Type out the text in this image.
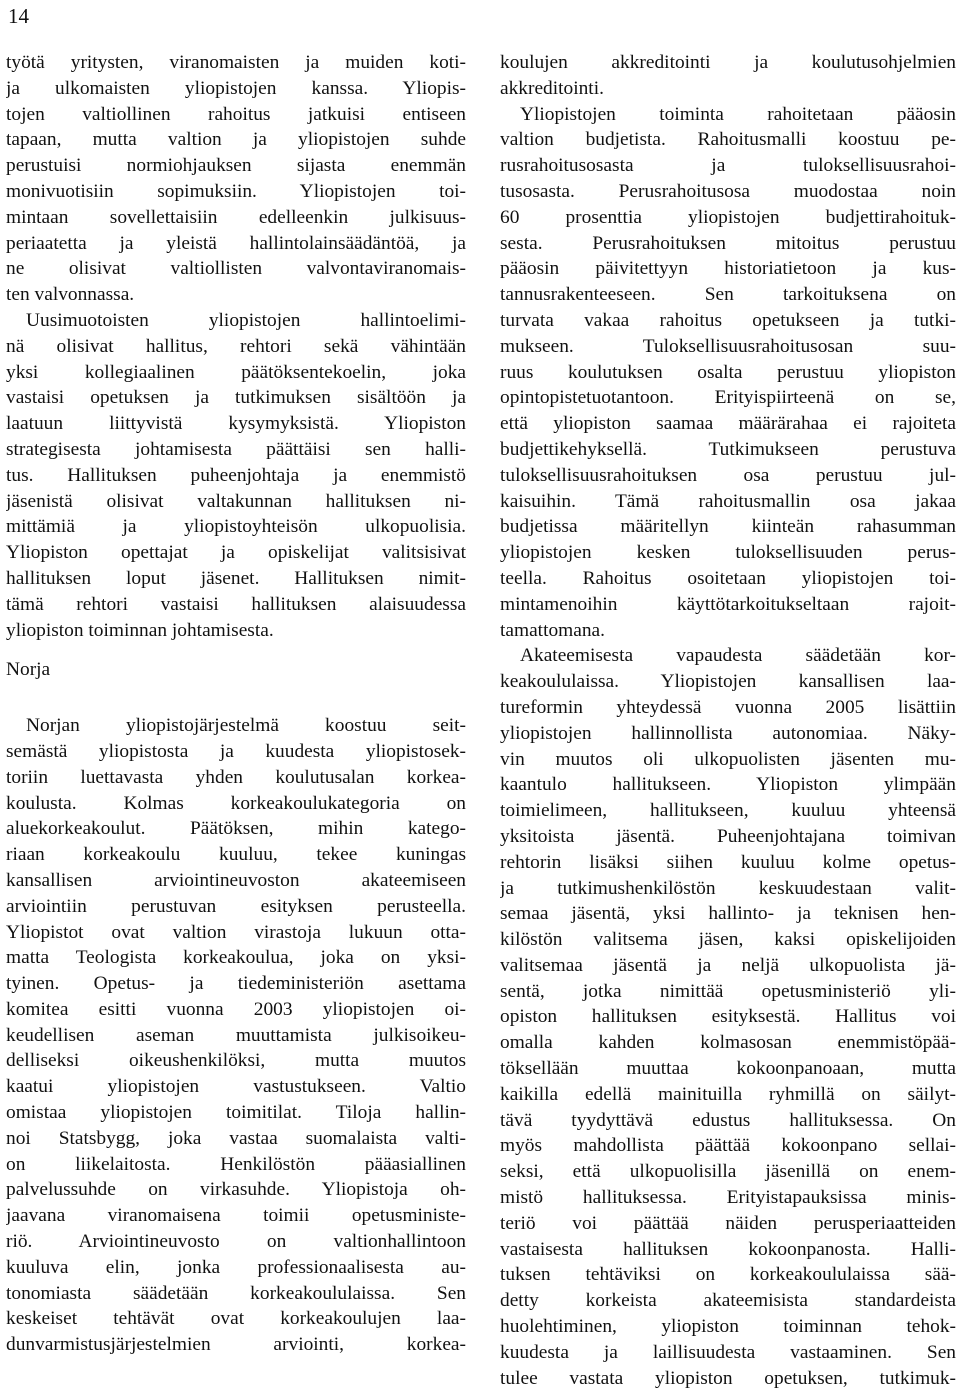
14
työtä yritysten, viranomaisten ja muiden koti-
ja ulkomaisten yliopistojen kanssa. Yliopis-
tojen valtiollinen rahoitus jatkuisi entiseen
tapaan, mutta valtion ja yliopistojen suhde
perustuisi normiohjauksen sijasta enemmän
monivuotisiin sopimuksiin. Yliopistojen toi-
mintaan sovellettaisiin edelleenkin julkisuus-
periaatetta ja yleistä hallintolainsäädäntöä, ja
ne olisivat valtiollisten valvontaviranomais-
ten valvonnassa.
Uusimuotoisten yliopistojen hallintoelimi-
nä olisivat hallitus, rehtori sekä vähintään
yksi kollegiaalinen päätöksentekoelin, joka
vastaisi opetuksen ja tutkimuksen sisältöön ja
laatuun liittyvistä kysymyksistä. Yliopiston
strategisesta johtamisesta päättäisi sen halli-
tus. Hallituksen puheenjohtaja ja enemmistö
jäsenistä olisivat valtakunnan hallituksen ni-
mittämiä ja yliopistoyhteisön ulkopuolisia.
Yliopiston opettajat ja opiskelijat valitsisivat
hallituksen loput jäsenet. Hallituksen nimit-
tämä rehtori vastaisi hallituksen alaisuudessa
yliopiston toiminnan johtamisesta.
Norja
Norjan yliopistojärjestelmä koostuu seit-
semästä yliopistosta ja kuudesta yliopistosek-
toriin luettavasta yhden koulutusalan korkea-
koulusta. Kolmas korkeakoulukategoria on
aluekorkeakoulut. Päätöksen, mihin katego-
riaan korkeakoulu kuuluu, tekee kuningas
kansallisen arviointineuvoston akateemiseen
arviointiin perustuvan esityksen perusteella.
Yliopistot ovat valtion virastoja lukuun otta-
matta Teologista korkeakoulua, joka on yksi-
tyinen. Opetus- ja tiedeministeriön asettama
komitea esitti vuonna 2003 yliopistojen oi-
keudellisen aseman muuttamista julkisoikeu-
delliseksi oikeushenkilöksi, mutta muutos
kaatui yliopistojen vastustukseen. Valtio
omistaa yliopistojen toimitilat. Tiloja hallin-
noi Statsbygg, joka vastaa suomalaista valti-
on liikelaitosta. Henkilöstön pääasiallinen
palvelussuhde on virkasuhde. Yliopistoja oh-
jaavana viranomaisena toimii opetusministe-
riö. Arviointineuvosto on valtionhallintoon
kuuluva elin, jonka professionaalisesta au-
tonomiasta säädetään korkeakoululaissa. Sen
keskeiset tehtävät ovat korkeakoulujen laa-
dunvarmistusjärjestelmien arviointi, korkea-
koulujen akkreditointi ja koulutusohjelmien
akkreditointi.
Yliopistojen toiminta rahoitetaan pääosin
valtion budjetista. Rahoitusmalli koostuu pe-
rusrahoitusosasta ja tuloksellisuusrahoi-
tusosasta. Perusrahoitusosa muodostaa noin
60 prosenttia yliopistojen budjettirahoituk-
sesta. Perusrahoituksen mitoitus perustuu
pääosin päivitettyyn historiatietoon ja kus-
tannusrakenteeseen. Sen tarkoituksena on
turvata vakaa rahoitus opetukseen ja tutki-
mukseen. Tuloksellisuusrahoitusosan suu-
ruus koulutuksen osalta perustuu yliopiston
opintopistetuotantoon. Erityispiirteenä on se,
että yliopiston saamaa määrärahaa ei rajoiteta
budjettikehyksellä. Tutkimukseen perustuva
tuloksellisuusrahoituksen osa perustuu jul-
kaisuihin. Tämä rahoitusmallin osa jakaa
budjetissa määritellyn kiinteän rahasumman
yliopistojen kesken tuloksellisuuden perus-
teella. Rahoitus osoitetaan yliopistojen toi-
mintamenoihin käyttötarkoitukseltaan rajoit-
tamattomana.
Akateemisesta vapaudesta säädetään kor-
keakoululaissa. Yliopistojen kansallisen laa-
tureformin yhteydessä vuonna 2005 lisättiin
yliopistojen hallinnollista autonomiaa. Näky-
vin muutos oli ulkopuolisten jäsenten mu-
kaantulo hallitukseen. Yliopiston ylimpään
toimielimeen, hallitukseen, kuuluu yhteensä
yksitoista jäsentä. Puheenjohtajana toimivan
rehtorin lisäksi siihen kuuluu kolme opetus-
ja tutkimushenkilöstön keskuudestaan valit-
semaa jäsentä, yksi hallinto- ja teknisen hen-
kilöstön valitsema jäsen, kaksi opiskelijoiden
valitsemaa jäsentä ja neljä ulkopuolista jä-
sentä, jotka nimittää opetusministeriö yli-
opiston hallituksen esityksestä. Hallitus voi
omalla kahden kolmasosan enemmistöpää-
töksellään muuttaa kokoonpanoaan, mutta
kaikilla edellä mainituilla ryhmillä on säilyt-
tävä tyydyttävä edustus hallituksessa. On
myös mahdollista päättää kokoonpano sellai-
seksi, että ulkopuolisilla jäsenillä on enem-
mistö hallituksessa. Erityistapauksissa minis-
teriö voi päättää näiden perusperiaatteiden
vastaisesta hallituksen kokoonpanosta. Halli-
tuksen tehtäviksi on korkeakoululaissa sää-
detty korkeista akateemisista standardeista
huolehtiminen, yliopiston toiminnan tehok-
kuudesta ja laillisuudesta vastaaminen. Sen
tulee vastata yliopiston opetuksen, tutkimuk-
